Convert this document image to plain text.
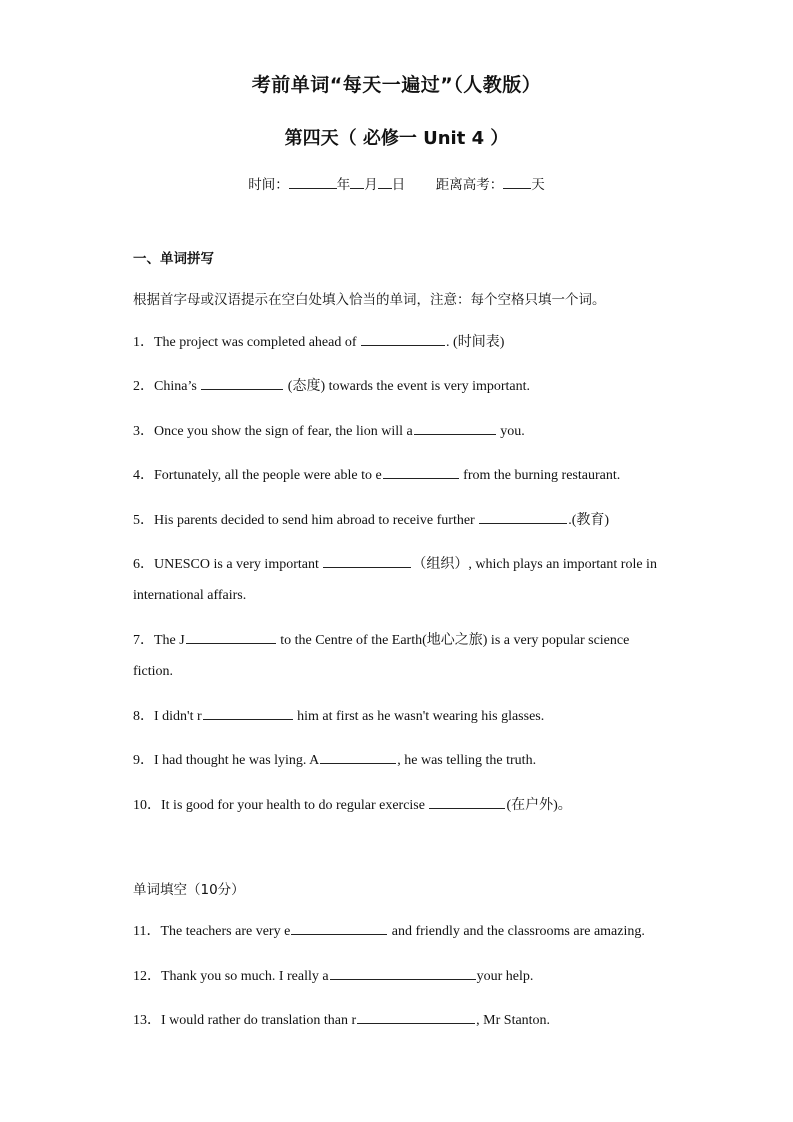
考前单词“每天一遍过”（人教版）
第四天（ 必修一 Unit 4 ）
时间：	年 月 日 距离高考： 天
一、单词拼写
根据首字母或汉语提示在空白处填入恰当的单词，注意：每个空格只填一个词。
1．The project was completed ahead of	. (时间表)
2．China’s	(态度) towards the event is very important.
3．Once you show the sign of fear, the lion will a	you.
4．Fortunately, all the people were able to e	from the burning restaurant.
5．His parents decided to send him abroad to receive further	.(教育)
6．UNESCO is a very important	（组织）, which plays an important role in
international affairs.
7．The J	to the Centre of the Earth(地心之旅) is a very popular science
fiction.
8．I didn't r	him at first as he wasn't wearing his glasses.
9．I had thought he was lying. A	, he was telling the truth.
10．It is good for your health to do regular exercise	(在户外)。
单词填空（10分）
11．The teachers are very e	and friendly and the classrooms are amazing.
12．Thank you so much. I really a	your help.
13．I would rather do translation than r	, Mr Stanton.
